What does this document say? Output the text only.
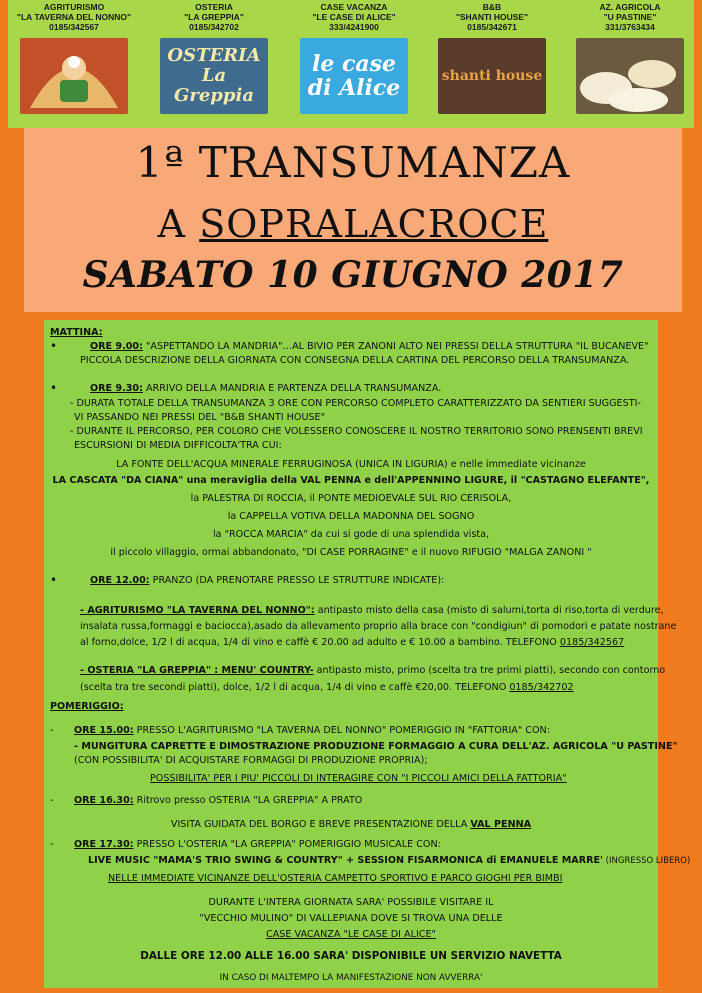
AGRITURISMO
"LA TAVERNA DEL NONNO"
0185/342567
OSTERIA
"LA GREPPIA"
0185/342702
OSTERIA La Greppia
CASE VACANZA
"LE CASE DI ALICE"
333/4241900
le case di Alice
B&B
"SHANTI HOUSE"
0185/342671
shanti house
AZ. AGRICOLA
"U PASTINE"
331/3763434
1ª TRANSUMANZA
A SOPRALACROCE
SABATO 10 GIUGNO 2017
MATTINA:
• ORE 9.00: "ASPETTANDO LA MANDRIA"…AL BIVIO PER ZANONI ALTO NEI PRESSI DELLA STRUTTURA "IL BUCANEVE"
PICCOLA DESCRIZIONE DELLA GIORNATA CON CONSEGNA DELLA CARTINA DEL PERCORSO DELLA TRANSUMANZA.
• ORE 9.30: ARRIVO DELLA MANDRIA E PARTENZA DELLA TRANSUMANZA.
- DURATA TOTALE DELLA TRANSUMANZA 3 ORE CON PERCORSO COMPLETO CARATTERIZZATO DA SENTIERI SUGGESTI-
VI PASSANDO NEI PRESSI DEL "B&B SHANTI HOUSE"
- DURANTE IL PERCORSO, PER COLORO CHE VOLESSERO CONOSCERE IL NOSTRO TERRITORIO SONO PRENSENTI BREVI
ESCURSIONI DI MEDIA DIFFICOLTA'TRA CUI:
LA FONTE DELL'ACQUA MINERALE FERRUGINOSA (UNICA IN LIGURIA) e nelle immediate vicinanze
LA CASCATA "DA CIANA" una meraviglia della VAL PENNA e dell'APPENNINO LIGURE, il "CASTAGNO ELEFANTE",
la PALESTRA DI ROCCIA, il PONTE MEDIOEVALE SUL RIO CERISOLA,
la CAPPELLA VOTIVA DELLA MADONNA DEL SOGNO
la "ROCCA MARCIA" da cui si gode di una splendida vista,
il piccolo villaggio, ormai abbandonato, "DI CASE PORRAGINE" e il nuovo RIFUGIO "MALGA ZANONI "
• ORE 12.00: PRANZO (DA PRENOTARE PRESSO LE STRUTTURE INDICATE):
- AGRITURISMO "LA TAVERNA DEL NONNO": antipasto misto della casa (misto di salumi,torta di riso,torta di verdure,
insalata russa,formaggi e baciocca),asado da allevamento proprio alla brace con "condigiun" di pomodori e patate nostrane
al forno,dolce, 1/2 l di acqua, 1/4 di vino e caffè € 20.00 ad adulto e € 10.00 a bambino. TELEFONO 0185/342567
- OSTERIA "LA GREPPIA" : MENU' COUNTRY- antipasto misto, primo (scelta tra tre primi piatti), secondo con contorno
(scelta tra tre secondi piatti), dolce, 1/2 l di acqua, 1/4 di vino e caffè €20,00. TELEFONO 0185/342702
POMERIGGIO:
- ORE 15.00: PRESSO L'AGRITURISMO "LA TAVERNA DEL NONNO" POMERIGGIO IN "FATTORIA" CON:
- MUNGITURA CAPRETTE E DIMOSTRAZIONE PRODUZIONE FORMAGGIO A CURA DELL'AZ. AGRICOLA "U PASTINE"
(CON POSSIBILITA' DI ACQUISTARE FORMAGGI DI PRODUZIONE PROPRIA);
POSSIBILITA' PER I PIU' PICCOLI DI INTERAGIRE CON "I PICCOLI AMICI DELLA FATTORIA"
- ORE 16.30: Ritrovo presso OSTERIA "LA GREPPIA" A PRATO
VISITA GUIDATA DEL BORGO E BREVE PRESENTAZIONE DELLA VAL PENNA
- ORE 17.30: PRESSO L'OSTERIA "LA GREPPIA" POMERIGGIO MUSICALE CON:
LIVE MUSIC "MAMA'S TRIO SWING & COUNTRY" + SESSION FISARMONICA di EMANUELE MARRE' (INGRESSO LIBERO)
NELLE IMMEDIATE VICINANZE DELL'OSTERIA CAMPETTO SPORTIVO E PARCO GIOGHI PER BIMBI
DURANTE L'INTERA GIORNATA SARA' POSSIBILE VISITARE IL
"VECCHIO MULINO" DI VALLEPIANA DOVE SI TROVA UNA DELLE
CASE VACANZA "LE CASE DI ALICE"
DALLE ORE 12.00 ALLE 16.00 SARA' DISPONIBILE UN SERVIZIO NAVETTA
IN CASO DI MALTEMPO LA MANIFESTAZIONE NON AVVERRA'
